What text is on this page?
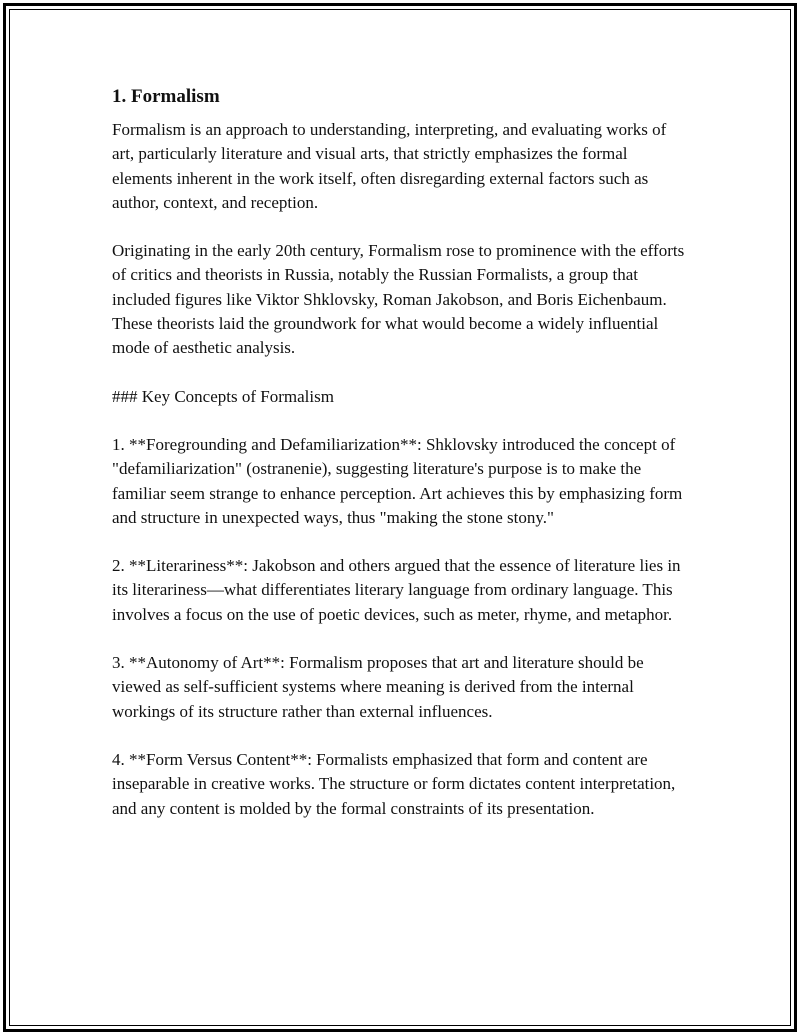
1. Formalism

Formalism is an approach to understanding, interpreting, and evaluating works of art, particularly literature and visual arts, that strictly emphasizes the formal elements inherent in the work itself, often disregarding external factors such as author, context, and reception.

Originating in the early 20th century, Formalism rose to prominence with the efforts of critics and theorists in Russia, notably the Russian Formalists, a group that included figures like Viktor Shklovsky, Roman Jakobson, and Boris Eichenbaum. These theorists laid the groundwork for what would become a widely influential mode of aesthetic analysis.

### Key Concepts of Formalism

1. **Foregrounding and Defamiliarization**: Shklovsky introduced the concept of "defamiliarization" (ostranenie), suggesting literature's purpose is to make the familiar seem strange to enhance perception. Art achieves this by emphasizing form and structure in unexpected ways, thus "making the stone stony."

2. **Literariness**: Jakobson and others argued that the essence of literature lies in its literariness—what differentiates literary language from ordinary language. This involves a focus on the use of poetic devices, such as meter, rhyme, and metaphor.

3. **Autonomy of Art**: Formalism proposes that art and literature should be viewed as self-sufficient systems where meaning is derived from the internal workings of its structure rather than external influences.

4. **Form Versus Content**: Formalists emphasized that form and content are inseparable in creative works. The structure or form dictates content interpretation, and any content is molded by the formal constraints of its presentation.
